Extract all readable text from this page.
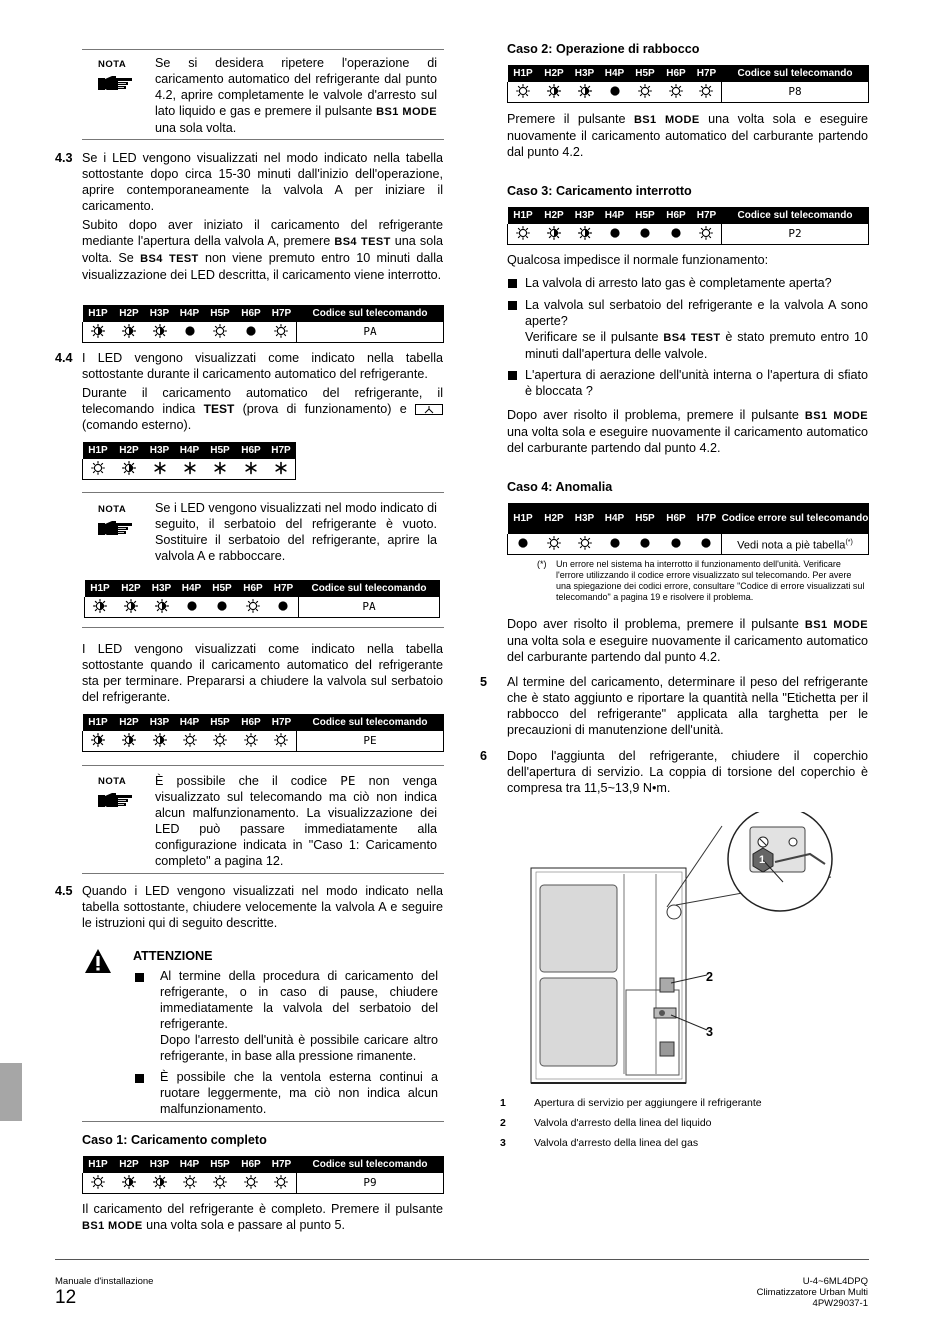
NOTA Se si desidera ripetere l'operazione di caricamento automatico del refrigerante dal punto 4.2, aprire completamente le valvole d'arresto sul lato liquido e gas e premere il pulsante BS1 MODE una sola volta.
4.3 Se i LED vengono visualizzati nel modo indicato nella tabella sottostante dopo circa 15-30 minuti dall'inizio dell'operazione, aprire contemporaneamente la valvola A per iniziare il caricamento.

Subito dopo aver iniziato il caricamento del refrigerante mediante l'apertura della valvola A, premere BS4 TEST una sola volta. Se BS4 TEST non viene premuto entro 10 minuti dalla visualizzazione dei LED descritta, il caricamento viene interrotto.

H1P	H2P	H3P	H4P	H5P	H6P	H7P	Codice sul telecomando
							PA
4.4 I LED vengono visualizzati come indicato nella tabella sottostante durante il caricamento automatico del refrigerante.

Durante il caricamento automatico del refrigerante, il telecomando indica TEST (prova di funzionamento) e  (comando esterno).

H1P	H2P	H3P	H4P	H5P	H6P	H7P

NOTA Se i LED vengono visualizzati nel modo indicato di seguito, il serbatoio del refrigerante è vuoto. Sostituire il serbatoio del refrigerante, aprire la valvola A e rabboccare.

H1P	H2P	H3P	H4P	H5P	H6P	H7P	Codice sul telecomando
							PA

I LED vengono visualizzati come indicato nella tabella sottostante quando il caricamento automatico del refrigerante sta per terminare. Prepararsi a chiudere la valvola sul serbatoio del refrigerante.

H1P	H2P	H3P	H4P	H5P	H6P	H7P	Codice sul telecomando
							PE
NOTA È possibile che il codice PE non venga visualizzato sul telecomando ma ciò non indica alcun malfunzionamento. La visualizzazione dei LED può passare immediatamente alla configurazione indicata in "Caso 1: Caricamento completo" a pagina 12.

4.5 Quando i LED vengono visualizzati nel modo indicato nella tabella sottostante, chiudere velocemente la valvola A e seguire le istruzioni qui di seguito descritte.

ATTENZIONE

Al termine della procedura di caricamento del refrigerante, o in caso di pause, chiudere immediatamente la valvola del serbatoio del refrigerante.

Dopo l'arresto dell'unità è possibile caricare altro refrigerante, in base alla pressione rimanente.

È possibile che la ventola esterna continui a ruotare leggermente, ma ciò non indica alcun malfunzionamento.

Caso 1: Caricamento completo
H1P	H2P	H3P	H4P	H5P	H6P	H7P	Codice sul telecomando
							P9

Il caricamento del refrigerante è completo. Premere il pulsante BS1 MODE una volta sola e passare al punto 5.

Caso 2: Operazione di rabbocco
H1P	H2P	H3P	H4P	H5P	H6P	H7P	Codice sul telecomando
							P8

Premere il pulsante BS1 MODE una volta sola e eseguire nuovamente il caricamento automatico del carburante partendo dal punto 4.2.

Caso 3: Caricamento interrotto
H1P	H2P	H3P	H4P	H5P	H6P	H7P	Codice sul telecomando
							P2

Qualcosa impedisce il normale funzionamento:

La valvola di arresto lato gas è completamente aperta?

La valvola sul serbatoio del refrigerante e la valvola A sono aperte?

Verificare se il pulsante BS4 TEST è stato premuto entro 10 minuti dall'apertura delle valvole.

L'apertura di aerazione dell'unità interna o l'apertura di sfiato è bloccata ?

Dopo aver risolto il problema, premere il pulsante BS1 MODE una volta sola e eseguire nuovamente il caricamento automatico del carburante partendo dal punto 4.2.

Caso 4: Anomalia
H1P	H2P	H3P	H4P	H5P	H6P	H7P	Codice errore sul telecomando
							Vedi nota a piè tabella(*)
(*) Un errore nel sistema ha interrotto il funzionamento dell'unità. Verificare l'errore utilizzando il codice errore visualizzato sul telecomando. Per avere una spiegazione dei codici errore, consultare "Codice di errore visualizzati sul telecomando" a pagina 19 e risolvere il problema.

Dopo aver risolto il problema, premere il pulsante BS1 MODE una volta sola e eseguire nuovamente il caricamento automatico del carburante partendo dal punto 4.2.

5 Al termine del caricamento, determinare il peso del refrigerante che è stato aggiunto e riportare la quantità nella "Etichetta per il rabbocco del refrigerante" applicata alla targhetta per le precauzioni di manutenzione dell'unità.

6 Dopo l'aggiunta del refrigerante, chiudere il coperchio dell'apertura di servizio. La coppia di torsione del coperchio è compresa tra 11,5~13,9 N•m.

1
2
3
1	Apertura di servizio per aggiungere il refrigerante
2	Valvola d'arresto della linea del liquido
3	Valvola d'arresto della linea del gas
Manuale d'installazione
12
U-4~6ML4DPQ
Climatizzatore Urban Multi
4PW29037-1
